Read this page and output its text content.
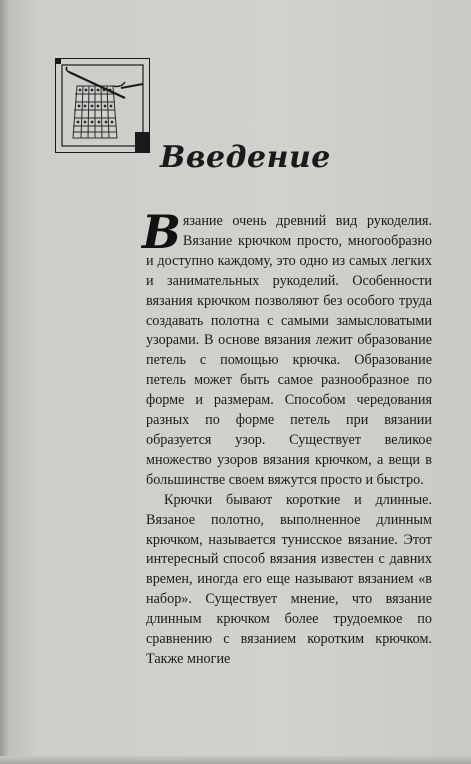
Введение

Вязание очень древний вид рукоделия. Вязание крючком просто, многообразно и доступно каждому, это одно из самых легких и занимательных рукоделий. Особенности вязания крючком позволяют без особого труда создавать полотна с самыми замысловатыми узорами. В основе вязания лежит образование петель с помощью крючка. Образование петель может быть самое разнообразное по форме и размерам. Способом чередования разных по форме петель при вязании образуется узор. Существует великое множество узоров вязания крючком, а вещи в большинстве своем вяжутся просто и быстро.

Крючки бывают короткие и длинные. Вязаное полотно, выполненное длинным крючком, называется тунисское вязание. Этот интересный способ вязания известен с давних времен, иногда его еще называют вязанием «в набор». Существует мнение, что вязание длинным крючком более трудоемкое по сравнению с вязанием коротким крючком. Также многие
